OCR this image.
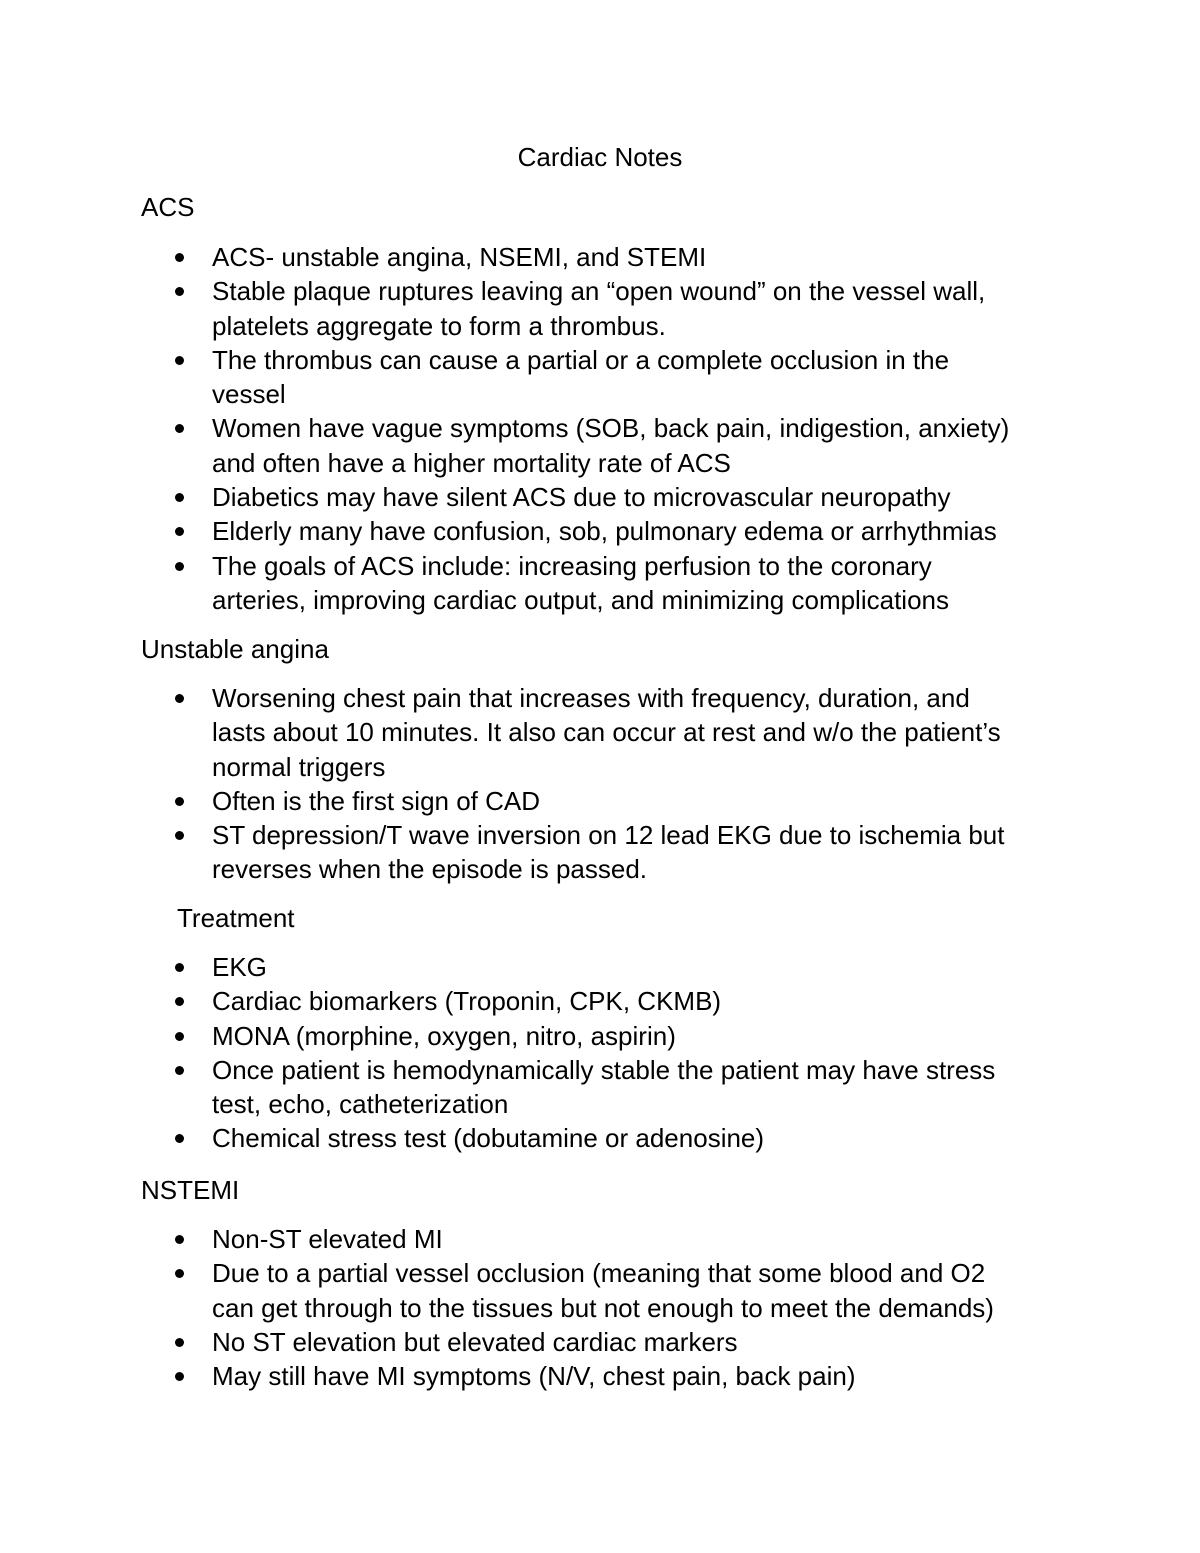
Cardiac Notes
ACS
ACS- unstable angina, NSEMI, and STEMI
Stable plaque ruptures leaving an “open wound” on the vessel wall,
platelets aggregate to form a thrombus.
The thrombus can cause a partial or a complete occlusion in the
vessel
Women have vague symptoms (SOB, back pain, indigestion, anxiety)
and often have a higher mortality rate of ACS
Diabetics may have silent ACS due to microvascular neuropathy
Elderly many have confusion, sob, pulmonary edema or arrhythmias
The goals of ACS include: increasing perfusion to the coronary
arteries, improving cardiac output, and minimizing complications
Unstable angina
Worsening chest pain that increases with frequency, duration, and
lasts about 10 minutes. It also can occur at rest and w/o the patient’s
normal triggers
Often is the first sign of CAD
ST depression/T wave inversion on 12 lead EKG due to ischemia but
reverses when the episode is passed.
Treatment
EKG
Cardiac biomarkers (Troponin, CPK, CKMB)
MONA (morphine, oxygen, nitro, aspirin)
Once patient is hemodynamically stable the patient may have stress
test, echo, catheterization
Chemical stress test (dobutamine or adenosine)
NSTEMI
Non-ST elevated MI
Due to a partial vessel occlusion (meaning that some blood and O2
can get through to the tissues but not enough to meet the demands)
No ST elevation but elevated cardiac markers
May still have MI symptoms (N/V, chest pain, back pain)
